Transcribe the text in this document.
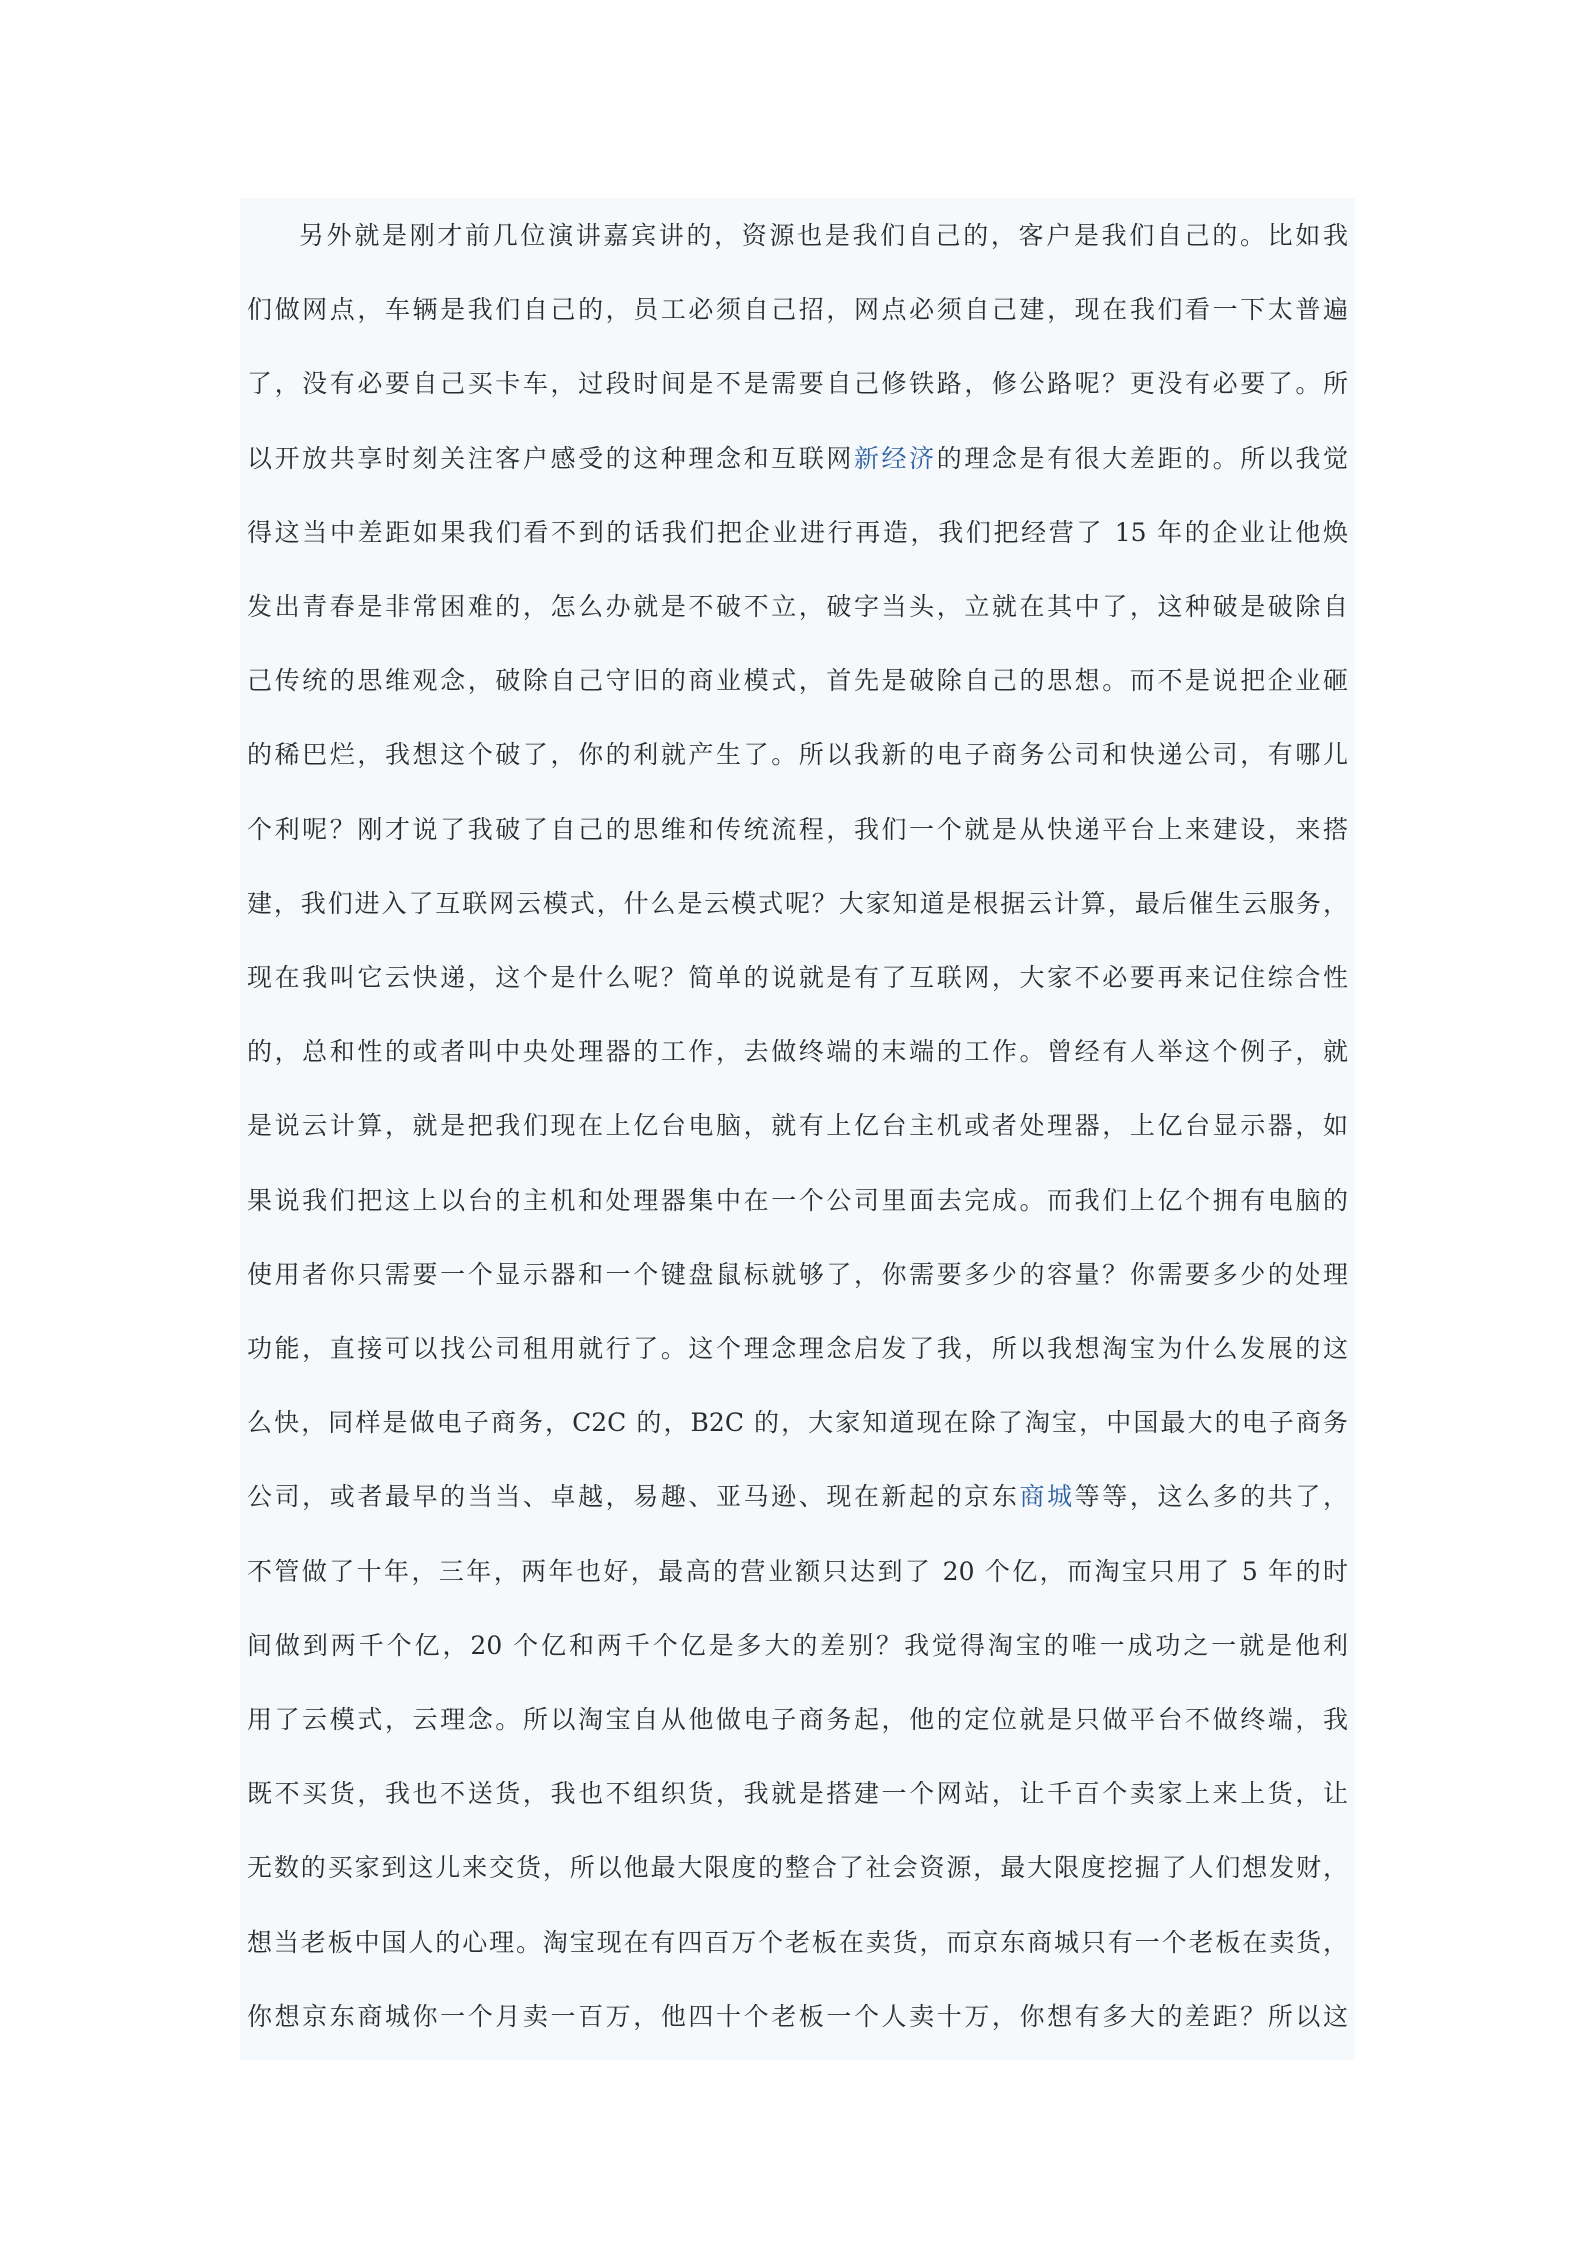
另外就是刚才前几位演讲嘉宾讲的，资源也是我们自己的，客户是我们自己的。比如我
们做网点，车辆是我们自己的，员工必须自己招，网点必须自己建，现在我们看一下太普遍
了，没有必要自己买卡车，过段时间是不是需要自己修铁路，修公路呢？更没有必要了。所
以开放共享时刻关注客户感受的这种理念和互联网新经济的理念是有很大差距的。所以我觉
得这当中差距如果我们看不到的话我们把企业进行再造，我们把经营了 15 年的企业让他焕
发出青春是非常困难的，怎么办就是不破不立，破字当头，立就在其中了，这种破是破除自
己传统的思维观念，破除自己守旧的商业模式，首先是破除自己的思想。而不是说把企业砸
的稀巴烂，我想这个破了，你的利就产生了。所以我新的电子商务公司和快递公司，有哪儿
个利呢？刚才说了我破了自己的思维和传统流程，我们一个就是从快递平台上来建设，来搭
建，我们进入了互联网云模式，什么是云模式呢？大家知道是根据云计算，最后催生云服务，
现在我叫它云快递，这个是什么呢？简单的说就是有了互联网，大家不必要再来记住综合性
的，总和性的或者叫中央处理器的工作，去做终端的末端的工作。曾经有人举这个例子，就
是说云计算，就是把我们现在上亿台电脑，就有上亿台主机或者处理器，上亿台显示器，如
果说我们把这上以台的主机和处理器集中在一个公司里面去完成。而我们上亿个拥有电脑的
使用者你只需要一个显示器和一个键盘鼠标就够了，你需要多少的容量？你需要多少的处理
功能，直接可以找公司租用就行了。这个理念理念启发了我，所以我想淘宝为什么发展的这
么快，同样是做电子商务，C2C 的，B2C 的，大家知道现在除了淘宝，中国最大的电子商务
公司，或者最早的当当、卓越，易趣、亚马逊、现在新起的京东商城等等，这么多的共了，
不管做了十年，三年，两年也好，最高的营业额只达到了 20 个亿，而淘宝只用了 5 年的时
间做到两千个亿，20 个亿和两千个亿是多大的差别？我觉得淘宝的唯一成功之一就是他利
用了云模式，云理念。所以淘宝自从他做电子商务起，他的定位就是只做平台不做终端，我
既不买货，我也不送货，我也不组织货，我就是搭建一个网站，让千百个卖家上来上货，让
无数的买家到这儿来交货，所以他最大限度的整合了社会资源，最大限度挖掘了人们想发财，
想当老板中国人的心理。淘宝现在有四百万个老板在卖货，而京东商城只有一个老板在卖货，
你想京东商城你一个月卖一百万，他四十个老板一个人卖十万，你想有多大的差距？所以这
